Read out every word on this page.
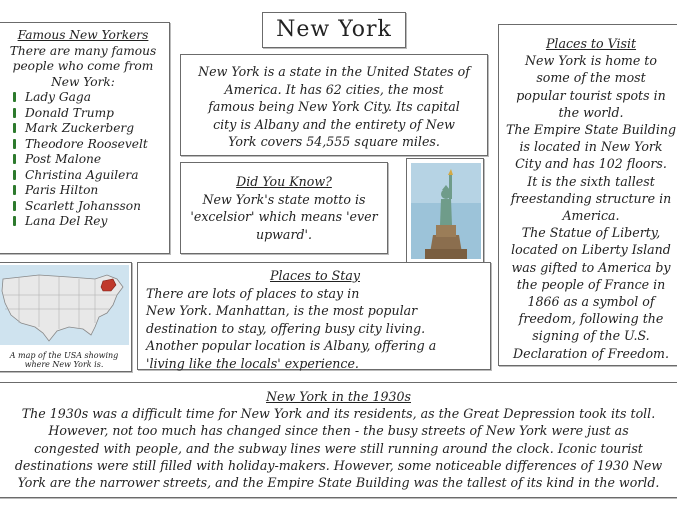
New York
Famous New Yorkers
There are many famous
people who come from
New York:
Lady Gaga
Donald Trump
Mark Zuckerberg
Theodore Roosevelt
Post Malone
Christina Aguilera
Paris Hilton
Scarlett Johansson
Lana Del Rey
New York is a state in the United States of
America. It has 62 cities, the most
famous being New York City. Its capital
city is Albany and the entirety of New
York covers 54,555 square miles.
Places to Visit
New York is home to
some of the most
popular tourist spots in
the world.
The Empire State Building
is located in New York
City and has 102 floors.
It is the sixth tallest
freestanding structure in
America.
The Statue of Liberty,
located on Liberty Island
was gifted to America by
the people of France in
1866 as a symbol of
freedom, following the
signing of the U.S.
Declaration of Freedom.
Did You Know?
New York's state motto is
'excelsior' which means 'ever
upward'.
Places to Stay
There are lots of places to stay in
New York. Manhattan, is the most popular
destination to stay, offering busy city living.
Another popular location is Albany, offering a
'living like the locals' experience.
A map of the USA showing
where New York is.
New York in the 1930s
The 1930s was a difficult time for New York and its residents, as the Great Depression took its toll.
However, not too much has changed since then - the busy streets of New York were just as
congested with people, and the subway lines were still running around the clock. Iconic tourist
destinations were still filled with holiday-makers. However, some noticeable differences of 1930 New
York are the narrower streets, and the Empire State Building was the tallest of its kind in the world.
